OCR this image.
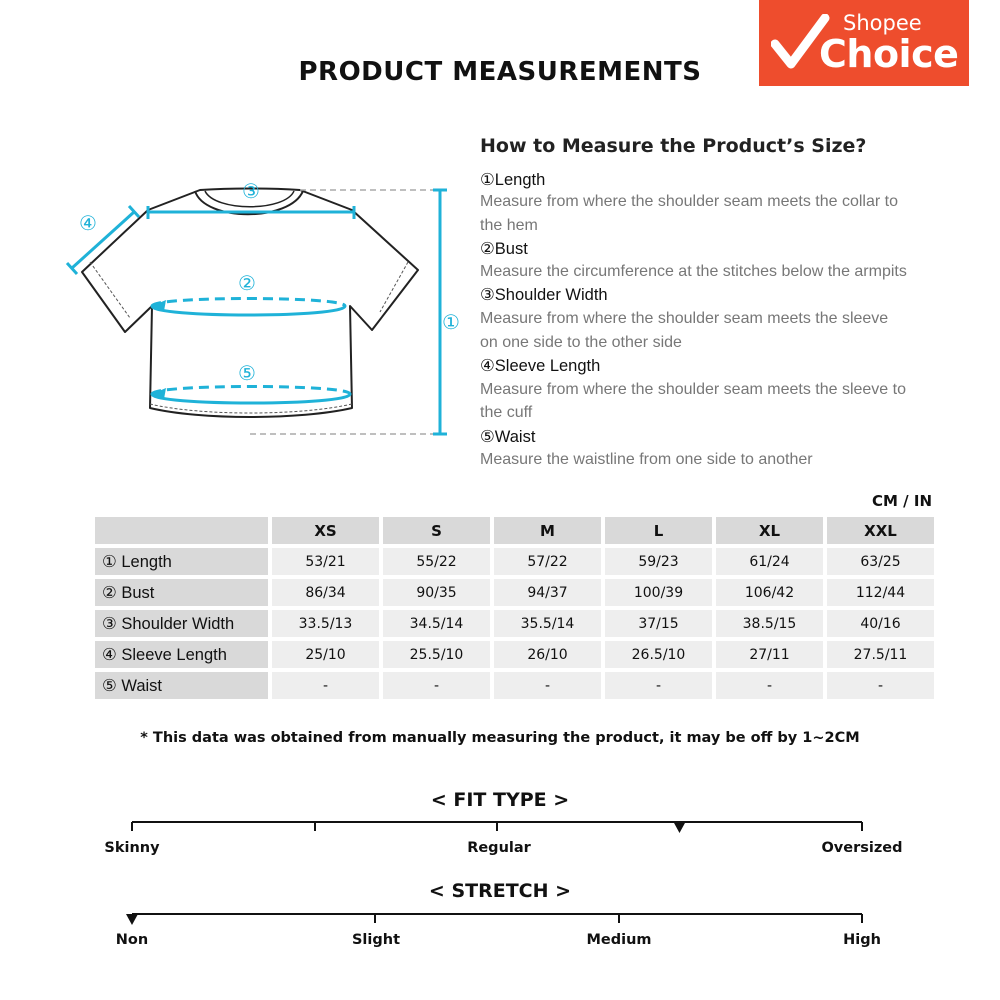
PRODUCT MEASUREMENTS
Shopee
Choice
①
②
③
④
⑤
How to Measure the Product’s Size?
①Length
Measure from where the shoulder seam meets the collar to
the hem
②Bust
Measure the circumference at the stitches below the armpits
③Shoulder Width
Measure from where the shoulder seam meets the sleeve
on one side to the other side
④Sleeve Length
Measure from where the shoulder seam meets the sleeve to
the cuff
⑤Waist
Measure the waistline from one side to another
CM / IN
XS	S	M	L	XL	XXL
① Length	53/21	55/22	57/22	59/23	61/24	63/25
② Bust	86/34	90/35	94/37	100/39	106/42	112/44
③ Shoulder Width	33.5/13	34.5/14	35.5/14	37/15	38.5/15	40/16
④ Sleeve Length	25/10	25.5/10	26/10	26.5/10	27/11	27.5/11
⑤ Waist	-	-	-	-	-	-
* This data was obtained from manually measuring the product, it may be off by 1~2CM
< FIT TYPE >
Skinny	Regular	Oversized
< STRETCH >
Non	Slight	Medium	High
